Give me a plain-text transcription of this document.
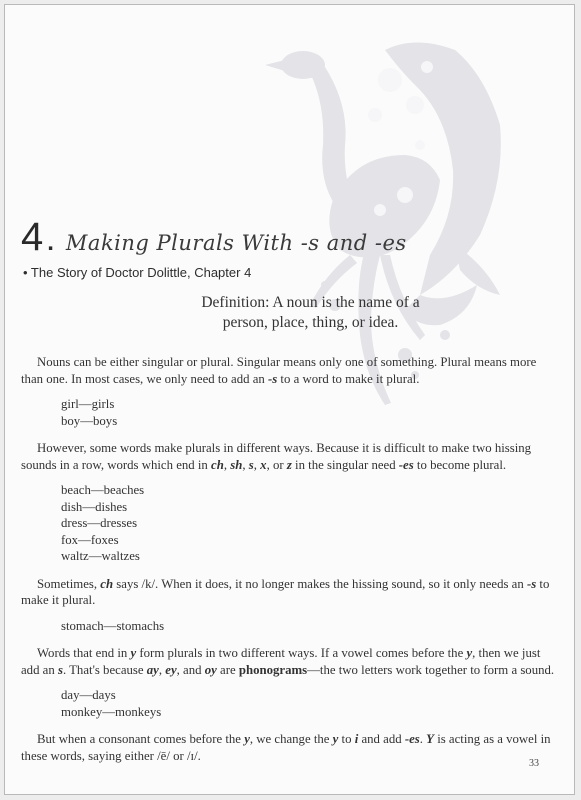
4 . Making Plurals With -s and -es
• The Story of Doctor Dolittle, Chapter 4
Definition: A noun is the name of a
person, place, thing, or idea.

Nouns can be either singular or plural. Singular means only one of something. Plural means more than one. In most cases, we only need to add an -s to a word to make it plural.

girl—girls
boy—boys

However, some words make plurals in different ways. Because it is difficult to make two hissing sounds in a row, words which end in ch, sh, s, x, or z in the singular need -es to become plural.

beach—beaches
dish—dishes
dress—dresses
fox—foxes
waltz—waltzes

Sometimes, ch says /k/. When it does, it no longer makes the hissing sound, so it only needs an -s to make it plural.

stomach—stomachs

Words that end in y form plurals in two different ways. If a vowel comes before the y, then we just add an s. That's because ay, ey, and oy are phonograms—the two letters work together to form a sound.

day—days
monkey—monkeys

But when a consonant comes before the y, we change the y to i and add -es. Y is acting as a vowel in these words, saying either /ē/ or /ɪ/.

33
